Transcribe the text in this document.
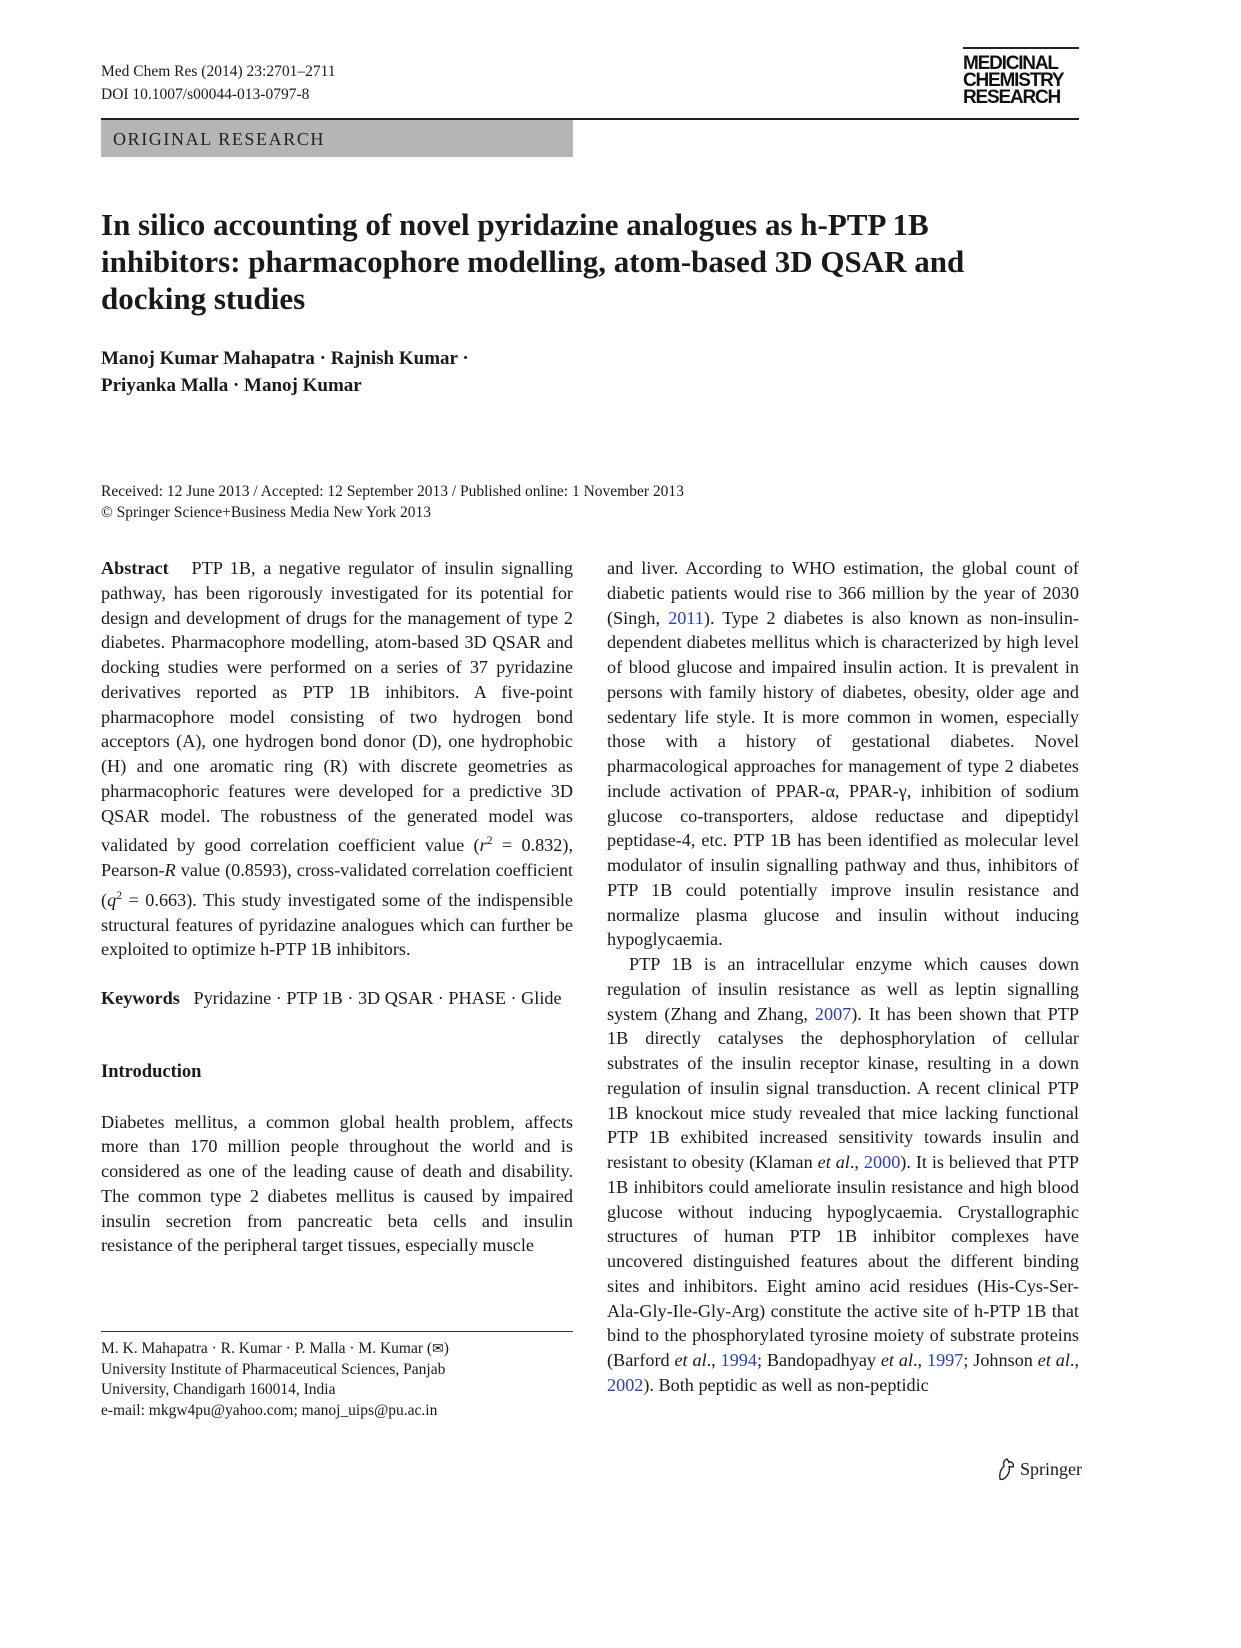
Med Chem Res (2014) 23:2701–2711
DOI 10.1007/s00044-013-0797-8
MEDICINAL
CHEMISTRY
RESEARCH
ORIGINAL RESEARCH
In silico accounting of novel pyridazine analogues as h-PTP 1B
inhibitors: pharmacophore modelling, atom-based 3D QSAR and
docking studies
Manoj Kumar Mahapatra · Rajnish Kumar ·
Priyanka Malla · Manoj Kumar
Received: 12 June 2013 / Accepted: 12 September 2013 / Published online: 1 November 2013
© Springer Science+Business Media New York 2013

Abstract PTP 1B, a negative regulator of insulin signalling pathway, has been rigorously investigated for its potential for design and development of drugs for the management of type 2 diabetes. Pharmacophore modelling, atom-based 3D QSAR and docking studies were performed on a series of 37 pyridazine derivatives reported as PTP 1B inhibitors. A five-point pharmacophore model consisting of two hydrogen bond acceptors (A), one hydrogen bond donor (D), one hydrophobic (H) and one aromatic ring (R) with discrete geometries as pharmacophoric features were developed for a predictive 3D QSAR model. The robustness of the generated model was validated by good correlation coefficient value $(r^2 = 0.832)$, Pearson-R value (0.8593), cross-validated correlation coefficient $(q^2 = 0.663)$. This study investigated some of the indispensible structural features of pyridazine analogues which can further be exploited to optimize h-PTP 1B inhibitors.

Keywords Pyridazine · PTP 1B · 3D QSAR · PHASE · Glide

Introduction

Diabetes mellitus, a common global health problem, affects more than 170 million people throughout the world and is considered as one of the leading cause of death and disability. The common type 2 diabetes mellitus is caused by impaired insulin secretion from pancreatic beta cells and insulin resistance of the peripheral target tissues, especially muscle

M. K. Mahapatra · R. Kumar · P. Malla · M. Kumar (✉)
University Institute of Pharmaceutical Sciences, Panjab
University, Chandigarh 160014, India
e-mail: mkgw4pu@yahoo.com; manoj_uips@pu.ac.in

and liver. According to WHO estimation, the global count of diabetic patients would rise to 366 million by the year of 2030 (Singh, 2011). Type 2 diabetes is also known as non-insulin-dependent diabetes mellitus which is characterized by high level of blood glucose and impaired insulin action. It is prevalent in persons with family history of diabetes, obesity, older age and sedentary life style. It is more common in women, especially those with a history of gestational diabetes. Novel pharmacological approaches for management of type 2 diabetes include activation of PPAR-α, PPAR-γ, inhibition of sodium glucose co-transporters, aldose reductase and dipeptidyl peptidase-4, etc. PTP 1B has been identified as molecular level modulator of insulin signalling pathway and thus, inhibitors of PTP 1B could potentially improve insulin resistance and normalize plasma glucose and insulin without inducing hypoglycaemia.

PTP 1B is an intracellular enzyme which causes down regulation of insulin resistance as well as leptin signalling system (Zhang and Zhang, 2007). It has been shown that PTP 1B directly catalyses the dephosphorylation of cellular substrates of the insulin receptor kinase, resulting in a down regulation of insulin signal transduction. A recent clinical PTP 1B knockout mice study revealed that mice lacking functional PTP 1B exhibited increased sensitivity towards insulin and resistant to obesity (Klaman et al., 2000). It is believed that PTP 1B inhibitors could ameliorate insulin resistance and high blood glucose without inducing hypoglycaemia. Crystallographic structures of human PTP 1B inhibitor complexes have uncovered distinguished features about the different binding sites and inhibitors. Eight amino acid residues (His-Cys-Ser-Ala-Gly-Ile-Gly-Arg) constitute the active site of h-PTP 1B that bind to the phosphorylated tyrosine moiety of substrate proteins (Barford et al., 1994; Bandopadhyay et al., 1997; Johnson et al., 2002). Both peptidic as well as non-peptidic

Springer
